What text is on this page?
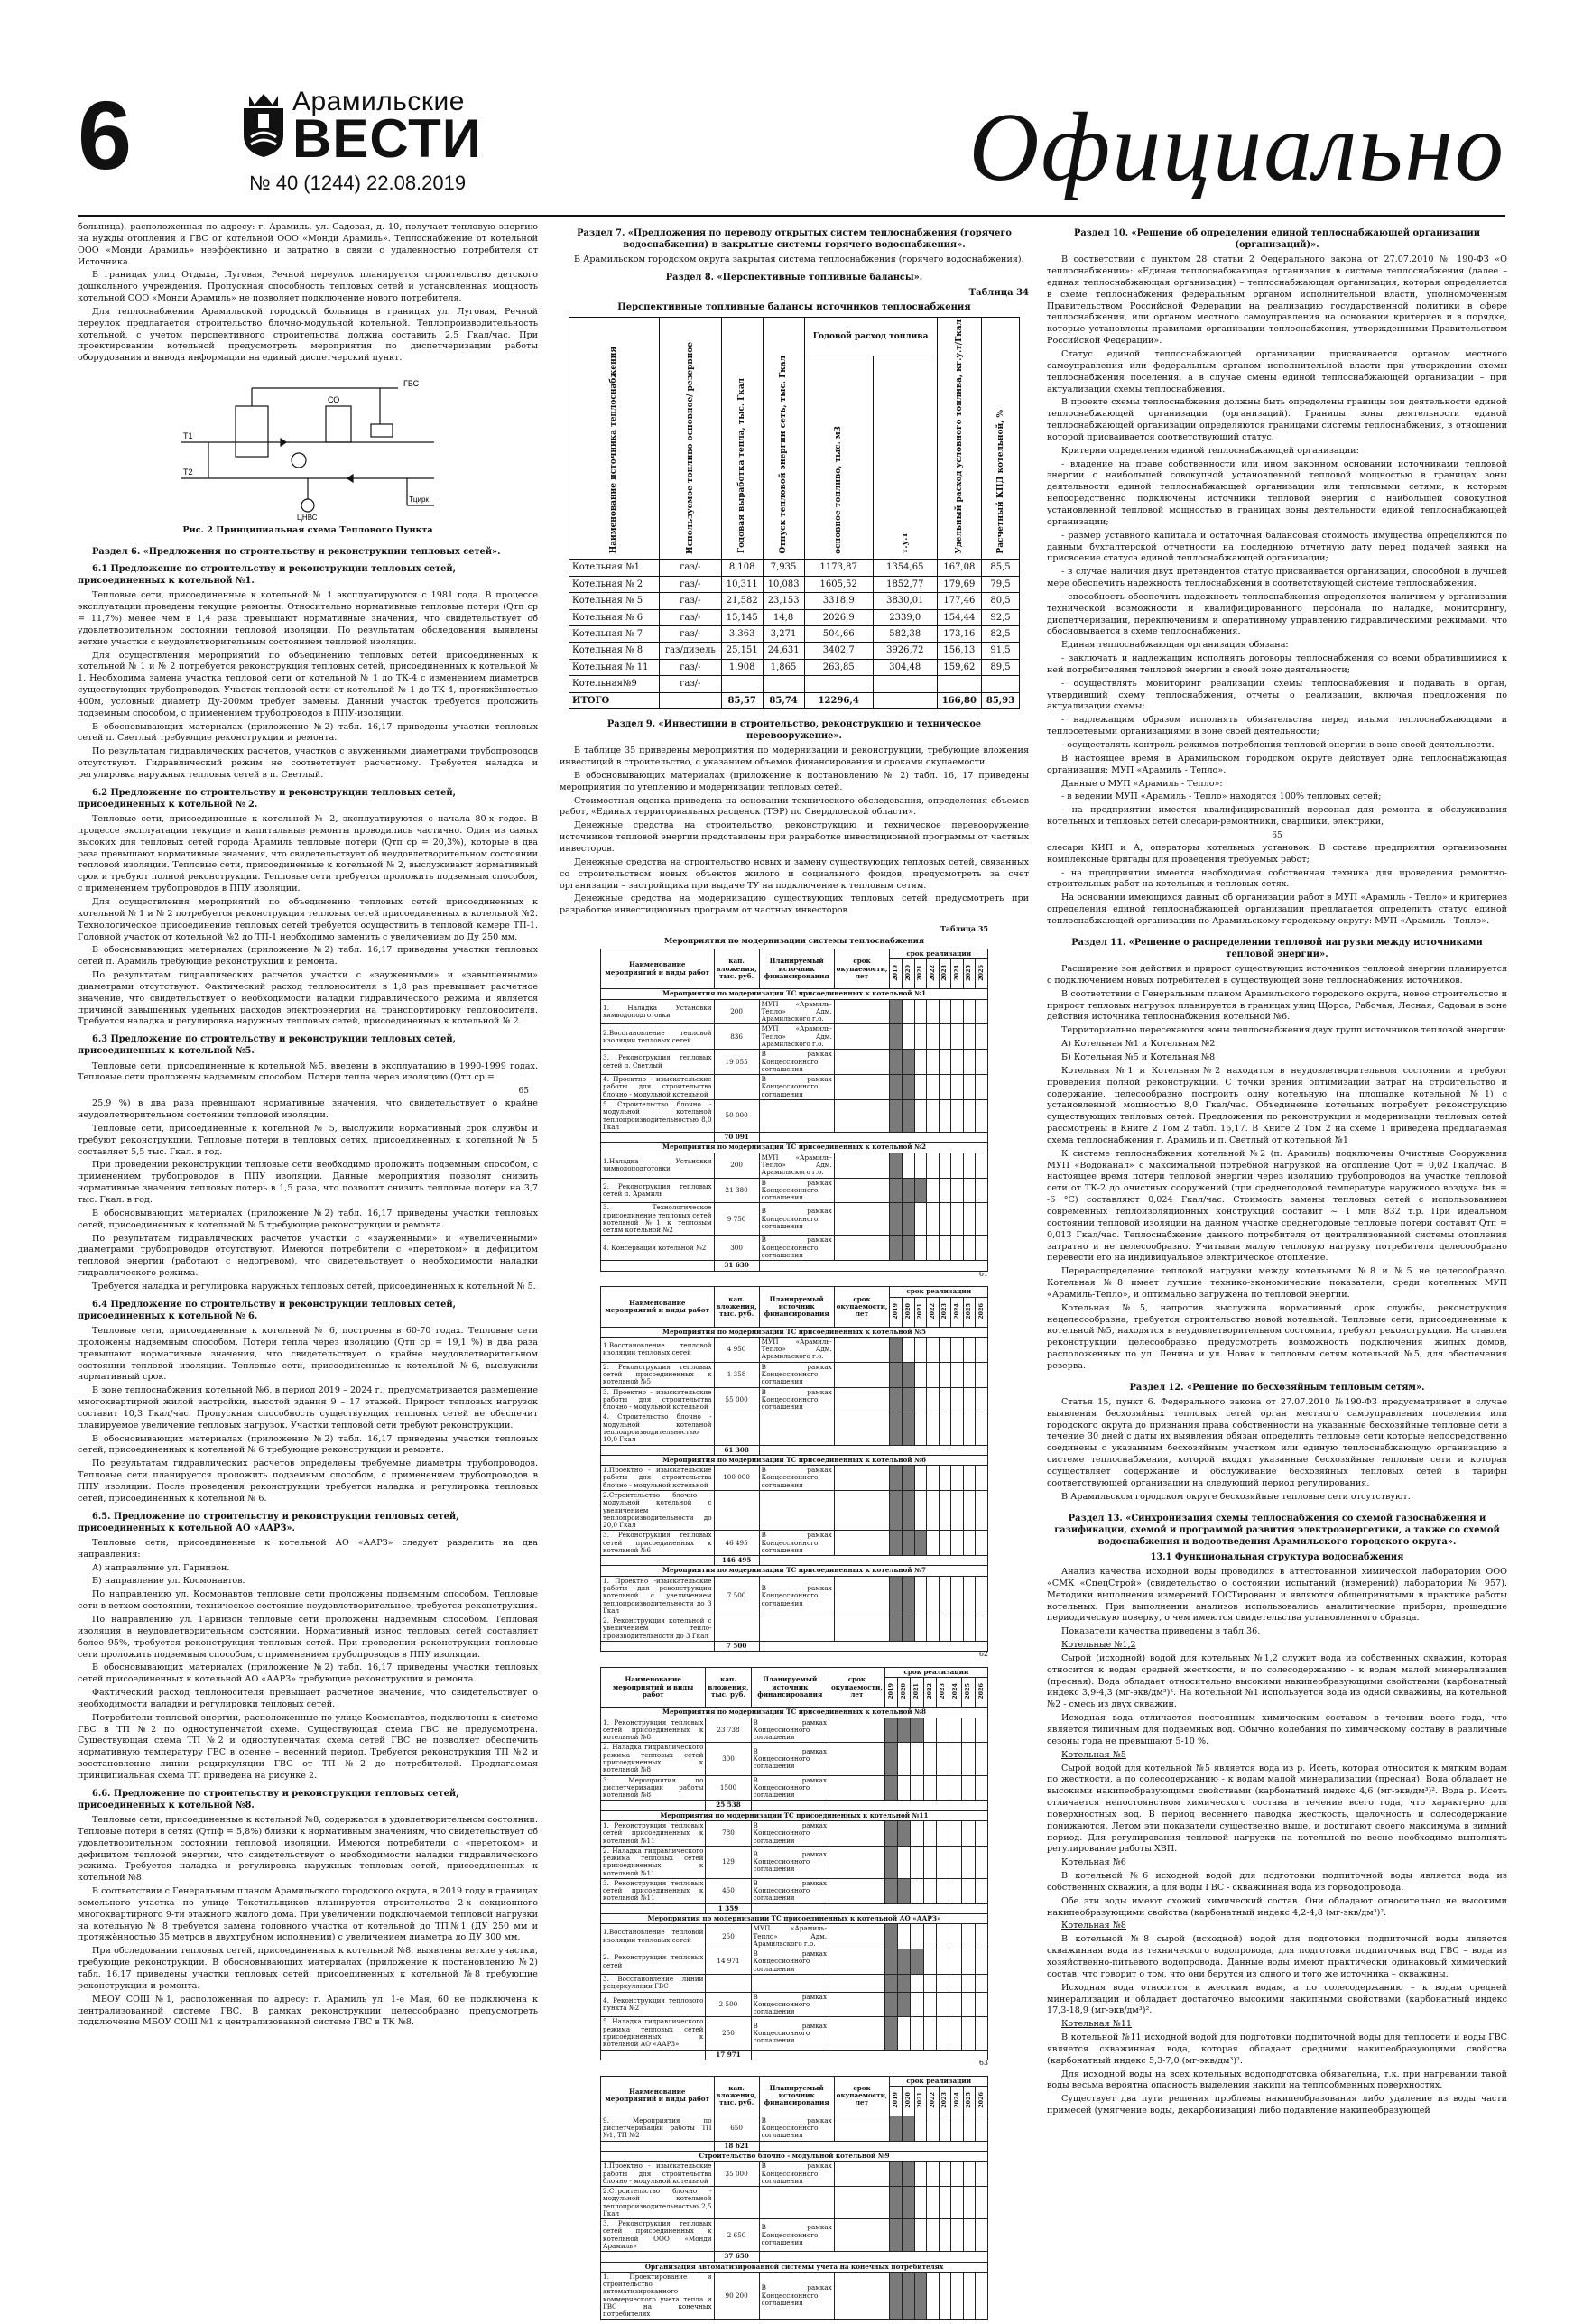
6	Арамильские
ВЕСТИ
№ 40 (1244) 22.08.2019	Официально

больница), расположенная по адресу: г. Арамиль, ул. Садовая, д. 10, получает тепловую энергию на нужды отопления и ГВС от котельной ООО «Монди Арамиль». Теплоснабжение от котельной ООО «Монди Арамиль» неэффективно и затратно в связи с удаленностью потребителя от Источника.

В границах улиц Отдыха, Луговая, Речной переулок планируется строительство детского дошкольного учреждения. Пропускная способность тепловых сетей и установленная мощность котельной ООО «Монди Арамиль» не позволяет подключение нового потребителя.

Для теплоснабжения Арамильской городской больницы в границах ул. Луговая, Речной переулок предлагается строительство блочно-модульной котельной. Теплопроизводительность котельной, с учетом перспективного строительства должна составить 2,5 Гкал/час. При проектировании котельной предусмотреть мероприятия по диспетчеризации работы оборудования и вывода информации на единый диспетчерский пункт.

ГВС
Т1
Т2
СО
Тцирк
ЦНВС
Рис. 2 Принципиальная схема Теплового Пункта
Раздел 6. «Предложения по строительству и реконструкции тепловых сетей».
6.1 Предложение по строительству и реконструкции тепловых сетей, присоединенных к котельной №1.

Тепловые сети, присоединенные к котельной № 1 эксплуатируются с 1981 года. В процессе эксплуатации проведены текущие ремонты. Относительно нормативные тепловые потери (Qтп ср = 11,7%) менее чем в 1,4 раза превышают нормативные значения, что свидетельствует об удовлетворительном состоянии тепловой изоляции. По результатам обследования выявлены ветхие участки с неудовлетворительным состоянием тепловой изоляции.

Для осуществления мероприятий по объединению тепловых сетей присоединенных к котельной № 1 и № 2 потребуется реконструкция тепловых сетей, присоединенных к котельной № 1. Необходима замена участка тепловой сети от котельной № 1 до ТК-4 с изменением диаметров существующих трубопроводов. Участок тепловой сети от котельной № 1 до ТК-4, протяжённостью 400м, условный диаметр Ду-200мм требует замены. Данный участок требуется проложить подземным способом, с применением трубопроводов в ППУ-изоляции.

В обосновывающих материалах (приложение №2) табл. 16,17 приведены участки тепловых сетей п. Светлый требующие реконструкции и ремонта.

По результатам гидравлических расчетов, участков с звуженными диаметрами трубопроводов отсутствуют. Гидравлический режим не соответствует расчетному. Требуется наладка и регулировка наружных тепловых сетей в п. Светлый.

6.2 Предложение по строительству и реконструкции тепловых сетей, присоединенных к котельной № 2.

Тепловые сети, присоединенные к котельной № 2, эксплуатируются с начала 80-х годов. В процессе эксплуатации текущие и капитальные ремонты проводились частично. Один из самых высоких для тепловых сетей города Арамиль тепловые потери (Qтп ср = 20,3%), которые в два раза превышают нормативные значения, что свидетельствует об неудовлетворительном состоянии тепловой изоляции. Тепловые сети, присоединенные к котельной № 2, выслуживают нормативный срок и требуют полной реконструкции. Тепловые сети требуется проложить подземным способом, с применением трубопроводов в ППУ изоляции.

Для осуществления мероприятий по объединению тепловых сетей присоединенных к котельной № 1 и № 2 потребуется реконструкция тепловых сетей присоединенных к котельной №2. Технологическое присоединение тепловых сетей требуется осуществить в тепловой камере ТП-1. Головной участок от котельной №2 до ТП-1 необходимо заменить с увеличением до Ду 250 мм.

В обосновывающих материалах (приложение №2) табл. 16,17 приведены участки тепловых сетей п. Арамиль требующие реконструкции и ремонта.

По результатам гидравлических расчетов участки с «зауженными» и «завышенными» диаметрами отсутствуют. Фактический расход теплоносителя в 1,8 раз превышает расчетное значение, что свидетельствует о необходимости наладки гидравлического режима и является причиной завышенных удельных расходов электроэнергии на транспортировку теплоносителя. Требуется наладка и регулировка наружных тепловых сетей, присоединенных к котельной № 2.

6.3 Предложение по строительству и реконструкции тепловых сетей, присоединенных к котельной №5.

Тепловые сети, присоединенные к котельной №5, введены в эксплуатацию в 1990-1999 годах. Тепловые сети проложены надземным способом. Потери тепла через изоляцию (Qтп ср =

65

25,9 %) в два раза превышают нормативные значения, что свидетельствует о крайне неудовлетворительном состоянии тепловой изоляции.

Тепловые сети, присоединенные к котельной № 5, выслужили нормативный срок службы и требуют реконструкции. Тепловые потери в тепловых сетях, присоединенных к котельной № 5 составляет 5,5 тыс. Гкал. в год.

При проведении реконструкции тепловые сети необходимо проложить подземным способом, с применением трубопроводов в ППУ изоляции. Данные мероприятия позволят снизить нормативные значения тепловых потерь в 1,5 раза, что позволит снизить тепловые потери на 3,7 тыс. Гкал. в год.

В обосновывающих материалах (приложение №2) табл. 16,17 приведены участки тепловых сетей, присоединенных к котельной № 5 требующие реконструкции и ремонта.

По результатам гидравлических расчетов участки с «зауженными» и «увеличенными» диаметрами трубопроводов отсутствуют. Имеются потребители с «перетоком» и дефицитом тепловой энергии (работают с недогревом), что свидетельствует о необходимости наладки гидравлического режима.

Требуется наладка и регулировка наружных тепловых сетей, присоединенных к котельной № 5.

6.4 Предложение по строительству и реконструкции тепловых сетей, присоединенных к котельной № 6.

Тепловые сети, присоединенные к котельной № 6, построены в 60-70 годах. Тепловые сети проложены надземным способом. Потери тепла через изоляцию (Qтп ср = 19,1 %) в два раза превышают нормативные значения, что свидетельствует о крайне неудовлетворительном состоянии тепловой изоляции. Тепловые сети, присоединенные к котельной №6, выслужили нормативный срок.

В зоне теплоснабжения котельной №6, в период 2019 – 2024 г., предусматривается размещение многоквартирной жилой застройки, высотой здания 9 – 17 этажей. Прирост тепловых нагрузок составит 10,3 Гкал/час. Пропускная способность существующих тепловых сетей не обеспечит планируемое увеличение тепловых нагрузок. Участки тепловой сети требуют реконструкции.

В обосновывающих материалах (приложение №2) табл. 16,17 приведены участки тепловых сетей, присоединенных к котельной № 6 требующие реконструкции и ремонта.

По результатам гидравлических расчетов определены требуемые диаметры трубопроводов. Тепловые сети планируется проложить подземным способом, с применением трубопроводов в ППУ изоляции. После проведения реконструкции требуется наладка и регулировка тепловых сетей, присоединенных к котельной № 6.

6.5. Предложение по строительству и реконструкции тепловых сетей, присоединенных к котельной АО «ААРЗ».

Тепловые сети, присоединенные к котельной АО «ААРЗ» следует разделить на два направления:

А) направление ул. Гарнизон.

Б) направление ул. Космонавтов.

По направлению ул. Космонавтов тепловые сети проложены подземным способом. Тепловые сети в ветхом состоянии, техническое состояние неудовлетворительное, требуется реконструкция.

По направлению ул. Гарнизон тепловые сети проложены надземным способом. Тепловая изоляция в неудовлетворительном состоянии. Нормативный износ тепловых сетей составляет более 95%, требуется реконструкция тепловых сетей. При проведении реконструкции тепловые сети проложить подземным способом, с применением трубопроводов в ППУ изоляции.

В обосновывающих материалах (приложение №2) табл. 16,17 приведены участки тепловых сетей присоединенных к котельной АО «ААРЗ» требующие реконструкции и ремонта.

Фактический расход теплоносителя превышает расчетное значение, что свидетельствует о необходимости наладки и регулировки тепловых сетей.

Потребители тепловой энергии, расположенные по улице Космонавтов, подключены к системе ГВС в ТП №2 по одноступенчатой схеме. Существующая схема ГВС не предусмотрена. Существующая схема ТП №2 и одноступенчатая схема сетей ГВС не позволяет обеспечить нормативную температуру ГВС в осенне – весенний период. Требуется реконструкция ТП №2 и восстановление линии рециркуляции ГВС от ТП №2 до потребителей. Предлагаемая принципиальная схема ТП приведена на рисунке 2.

6.6. Предложение по строительству и реконструкции тепловых сетей, присоединенных к котельной №8.

Тепловые сети, присоединенные к котельной №8, содержатся в удовлетворительном состоянии. Тепловые потери в сетях (Qтпф = 5,8%) близки к нормативным значениям, что свидетельствует об удовлетворительном состоянии тепловой изоляции. Имеются потребители с «перетоком» и дефицитом тепловой энергии, что свидетельствует о необходимости наладки гидравлического режима. Требуется наладка и регулировка наружных тепловых сетей, присоединенных к котельной №8.

В соответствии с Генеральным планом Арамильского городского округа, в 2019 году в границах земельного участка по улице Текстильщиков планируется строительство 2-х секционного многоквартирного 9-ти этажного жилого дома. При увеличении подключаемой тепловой нагрузки на котельную № 8 требуется замена головного участка от котельной до ТП№1 (ДУ 250 мм и протяжённостью 35 метров в двухтрубном исполнении) с увеличением диаметра до ДУ 300 мм.

При обследовании тепловых сетей, присоединенных к котельной №8, выявлены ветхие участки, требующие реконструкции. В обосновывающих материалах (приложение к постановлению №2) табл. 16,17 приведены участки тепловых сетей, присоединенных к котельной №8 требующие реконструкции и ремонта.

МБОУ СОШ №1, расположенная по адресу: г. Арамиль ул. 1-е Мая, 60 не подключена к централизованной системе ГВС. В рамках реконструкции целесообразно предусмотреть подключение МБОУ СОШ №1 к централизованной системе ГВС в ТК №8.

Раздел 7. «Предложения по переводу открытых систем теплоснабжения (горячего водоснабжения) в закрытые системы горячего водоснабжения».

В Арамильском городском округа закрытая система теплоснабжения (горячего водоснабжения).

Раздел 8. «Перспективные топливные балансы».
Таблица 34
Перспективные топливные балансы источников теплоснабжения
Наименование источника теплоснабжения	Используемое топливо основное/ резервное	Годовая выработка тепла, тыс. Гкал	Отпуск тепловой энергии сеть, тыс. Гкал	Годовой расход топлива		Удельный расход условного топлива, кг.у.т/Гкал	Расчетный КПД котельной, %
				основное топливо, тыс. м3	т.у.т		
Котельная №1	газ/-	8,108	7,935	1173,87	1354,65	167,08	85,5
Котельная № 2	газ/-	10,311	10,083	1605,52	1852,77	179,69	79,5
Котельная № 5	газ/-	21,582	23,153	3318,9	3830,01	177,46	80,5
Котельная № 6	газ/-	15,145	14,8	2026,9	2339,0	154,44	92,5
Котельная № 7	газ/-	3,363	3,271	504,66	582,38	173,16	82,5
Котельная № 8	газ/дизель	25,151	24,631	3402,7	3926,72	156,13	91,5
Котельная № 11	газ/-	1,908	1,865	263,85	304,48	159,62	89,5
Котельная№9	газ/-						
ИТОГО		85,57	85,74	12296,4		166,80	85,93
Раздел 9. «Инвестиции в строительство, реконструкцию и техническое перевооружение».

В таблице 35 приведены мероприятия по модернизации и реконструкции, требующие вложения инвестиций в строительство, с указанием объемов финансирования и сроками окупаемости.

В обосновывающих материалах (приложение к постановлению № 2) табл. 16, 17 приведены мероприятия по утеплению и модернизации тепловых сетей.

Стоимостная оценка приведена на основании технического обследования, определения объемов работ, «Единых территориальных расценок (ТЭР) по Свердловской области».

Денежные средства на строительство, реконструкцию и техническое перевооружение источников тепловой энергии представлены при разработке инвестиционной программы от частных инвесторов.

Денежные средства на строительство новых и замену существующих тепловых сетей, связанных со строительством новых объектов жилого и социального фондов, предусмотреть за счет организации – застройщика при выдаче ТУ на подключение к тепловым сетям.

Денежные средства на модернизацию существующих тепловых сетей предусмотреть при разработке инвестиционных программ от частных инвесторов

Таблица 35
Мероприятия по модернизации системы теплоснабжения
Наименование мероприятий и виды работ	кап. вложения, тыс. руб.	Планируемый источник финансирования	срок окупаемости, лет	срок реализации							
				2019	2020	2021	2022	2023	2024	2025	2026
Мероприятия по модернизации ТС присоединенных к котельной №1											
1. Наладка Установки химводоподготовки	200	МУП «Арамиль-Тепло» Адм. Арамильского г.о.									
2.Восстановление тепловой изоляции тепловых сетей	836	МУП «Арамиль-Тепло» Адм. Арамильского г.о.									
3. Реконструкция тепловых сетей п. Светлый	19 055	В рамках Концессионного соглашения									
4. Проектно - изыскательские работы для строительства блочно - модульной котельной		В рамках Концессионного соглашения									
5. Строительство блочно - модульной котельной теплопроизводительностью 8,0 Гкал	50 000										
	70 091										
Мероприятия по модернизации ТС присоединенных к котельной №2											
1.Наладка Установки химводоподготовки	200	МУП «Арамиль-Тепло» Адм. Арамильского г.о.									
2. Реконструкция тепловых сетей п. Арамиль	21 380	В рамках Концессионного соглашения									
3. Технологическое присоединение тепловых сетей котельной №1 к тепловым сетям котельной №2	9 750	В рамках Концессионного соглашения									
4. Консервация котельной №2	300	В рамках Концессионного соглашения									
	31 630										
61
Наименование мероприятий и виды работ	кап. вложения, тыс. руб.	Планируемый источник финансирования	срок окупаемости, лет	срок реализации							
				2019	2020	2021	2022	2023	2024	2025	2026
Мероприятия по модернизации ТС присоединенных к котельной №5											
1.Восстановление тепловой изоляции тепловых сетей	4 950	МУП «Арамиль-Тепло» Адм. Арамильского г.о.									
2. Реконструкция тепловых сетей присоединенных к котельной №5	1 358	В рамках Концессионного соглашения									
3. Проектно - изыскательские работы для строительства блочно - модульной котельной	55 000	В рамках Концессионного соглашения									
4. Строительство блочно - модульной котельной теплопроизводительностью 10,0 Гкал											
	61 308										
Мероприятия по модернизации ТС присоединенных к котельной №6											
1.Проектно - изыскательские работы для строительства блочно - модульной котельной	100 000	В рамках Концессионного соглашения									
2.Строительство блочно - модульной котельной с увеличением теплопроизводительности до 20,0 Гкал											
3. Реконструкция тепловых сетей присоединенных к котельной №6	46 495	В рамках Концессионного соглашения									
	146 495										
Мероприятия по модернизации ТС присоединенных к котельной №7											
1. Проектно -изыскательские работы для реконструкции котельной с увеличением теплопроизводительности до 3 Гкал	7 500	В рамках Концессионного соглашения									
2. Реконструкция котельной с увеличением тепло-производительности до 3 Гкал											
	7 500										
62
Наименование мероприятий и виды работ	кап. вложения, тыс. руб.	Планируемый источник финансирования	срок окупаемости, лет	срок реализации							
				2019	2020	2021	2022	2023	2024	2025	2026
Мероприятия по модернизации ТС присоединенных к котельной №8											
1. Реконструкция тепловых сетей присоединенных к котельной №8	23 738	В рамках Концессионного соглашения									
2. Наладка гидравлического режима тепловых сетей присоединенных к котельной №8	300	В рамках Концессионного соглашения									
3. Мероприятия по диспетчеризации работы котельной №8	1500	В рамках Концессионного соглашения									
	25 538										
Мероприятия по модернизации ТС присоединенных к котельной №11											
1. Реконструкция тепловых сетей присоединенных к котельной №11	780	В рамках Концессионного соглашения									
2. Наладка гидравлического режима тепловых сетей присоединенных к котельной №11	129	В рамках Концессионного соглашения									
3. Реконструкция тепловых сетей присоединенных к котельной №11	450	В рамках Концессионного соглашения									
	1 359										
Мероприятия по модернизации ТС присоединенных к котельной АО «ААРЗ»											
1.Восстановление тепловой изоляции тепловых сетей	250	МУП «Арамиль-Тепло» Адм. Арамильского г.о.									
2. Реконструкция тепловых сетей	14 971	В рамках Концессионного соглашения									
3. Восстановление линии рециркуляции ГВС											
4. Реконструкция теплового пункта №2	2 500	В рамках Концессионного соглашения									
5. Наладка гидравлического режима тепловых сетей присоединенных к котельной АО «ААРЗ»	250	В рамках Концессионного соглашения									
	17 971										
63
Наименование мероприятий и виды работ	кап. вложения, тыс. руб.	Планируемый источник финансирования	срок окупаемости, лет	срок реализации							
				2019	2020	2021	2022	2023	2024	2025	2026
9. Мероприятия по диспетчеризации работы ТП №1, ТП №2	650	В рамках Концессионного соглашения									
	18 621										
Строительство блочно - модульной котельной №9											
1.Проектно - изыскательские работы для строительства блочно - модульной котельной	35 000	В рамках Концессионного соглашения									
2.Строительство блочно - модульной котельной теплопроизводительностью 2,5 Гкал											
3. Реконструкция тепловых сетей присоединенных к котельной ООО «Монди Арамиль»	2 650	В рамках Концессионного соглашения									
	37 650										
Организация автоматизированной системы учета на конечных потребителях											
1. Проектирование и строительство автоматизированного коммерческого учета тепла и ГВС на конечных потребителях	90 200	В рамках Концессионного соглашения									
Раздел 10. «Решение об определении единой теплоснабжающей организации (организаций)».

В соответствии с пунктом 28 статьи 2 Федерального закона от 27.07.2010 № 190-ФЗ «О теплоснабжении»: «Единая теплоснабжающая организация в системе теплоснабжения (далее – единая теплоснабжающая организация) – теплоснабжающая организация, которая определяется в схеме теплоснабжения федеральным органом исполнительной власти, уполномоченным Правительством Российской Федерации на реализацию государственной политики в сфере теплоснабжения, или органом местного самоуправления на основании критериев и в порядке, которые установлены правилами организации теплоснабжения, утвержденными Правительством Российской Федерации».

Статус единой теплоснабжающей организации присваивается органом местного самоуправления или федеральным органом исполнительной власти при утверждении схемы теплоснабжения поселения, а в случае смены единой теплоснабжающей организации – при актуализации схемы теплоснабжения.

В проекте схемы теплоснабжения должны быть определены границы зон деятельности единой теплоснабжающей организации (организаций). Границы зоны деятельности единой теплоснабжающей организации определяются границами системы теплоснабжения, в отношении которой присваивается соответствующий статус.

Критерии определения единой теплоснабжающей организации:

- владение на праве собственности или ином законном основании источниками тепловой энергии с наибольшей совокупной установленной тепловой мощностью в границах зоны деятельности единой теплоснабжающей организации или тепловыми сетями, к которым непосредственно подключены источники тепловой энергии с наибольшей совокупной установленной тепловой мощностью в границах зоны деятельности единой теплоснабжающей организации;

- размер уставного капитала и остаточная балансовая стоимость имущества определяются по данным бухгалтерской отчетности на последнюю отчетную дату перед подачей заявки на присвоение статуса единой теплоснабжающей организации;

- в случае наличия двух претендентов статус присваивается организации, способной в лучшей мере обеспечить надежность теплоснабжения в соответствующей системе теплоснабжения.

- способность обеспечить надежность теплоснабжения определяется наличием у организации технической возможности и квалифицированного персонала по наладке, мониторингу, диспетчеризации, переключениям и оперативному управлению гидравлическими режимами, что обосновывается в схеме теплоснабжения.

Единая теплоснабжающая организация обязана:

- заключать и надлежащим исполнять договоры теплоснабжения со всеми обратившимися к ней потребителями тепловой энергии в своей зоне деятельности;

- осуществлять мониторинг реализации схемы теплоснабжения и подавать в орган, утвердивший схему теплоснабжения, отчеты о реализации, включая предложения по актуализации схемы;

- надлежащим образом исполнять обязательства перед иными теплоснабжающими и теплосетевыми организациями в зоне своей деятельности;

- осуществлять контроль режимов потребления тепловой энергии в зоне своей деятельности.

В настоящее время в Арамильском городском округе действует одна теплоснабжающая организация: МУП «Арамиль - Тепло».

Данные о МУП «Арамиль - Тепло»:

- в ведении МУП «Арамиль - Тепло» находятся 100% тепловых сетей;

- на предприятии имеется квалифицированный персонал для ремонта и обслуживания котельных и тепловых сетей слесари-ремонтники, сварщики, электрики,

65

слесари КИП и А, операторы котельных установок. В составе предприятия организованы комплексные бригады для проведения требуемых работ;

- на предприятии имеется необходимая собственная техника для проведения ремонтно-строительных работ на котельных и тепловых сетях.

На основании имеющихся данных об организации работ в МУП «Арамиль - Тепло» и критериев определения единой теплоснабжающей организации предлагается определить статус единой теплоснабжающей организации по Арамильскому городскому округу: МУП «Арамиль - Тепло».

Раздел 11. «Решение о распределении тепловой нагрузки между источниками тепловой энергии».

Расширение зон действия и прирост существующих источников тепловой энергии планируется с подключением новых потребителей в существующей зоне теплоснабжения источников.

В соответствии с Генеральным планом Арамильского городского округа, новое строительство и прирост тепловых нагрузок планируется в границах улиц Щорса, Рабочая, Лесная, Садовая в зоне действия источника теплоснабжения котельной №6.

Территориально пересекаются зоны теплоснабжения двух групп источников тепловой энергии:

А) Котельная №1 и Котельная №2

Б) Котельная №5 и Котельная №8

Котельная №1 и Котельная№2 находятся в неудовлетворительном состоянии и требуют проведения полной реконструкции. С точки зрения оптимизации затрат на строительство и содержание, целесообразно построить одну котельную (на площадке котельной №1) с установленной мощностью 8,0 Гкал/час. Объединение котельных потребует реконструкцию существующих тепловых сетей. Предложения по реконструкции и модернизации тепловых сетей рассмотрены в Книге 2 Том 2 табл. 16,17. В Книге 2 Том 2 на схеме 1 приведена предлагаемая схема теплоснабжения г. Арамиль и п. Светлый от котельной №1

К системе теплоснабжения котельной №2 (п. Арамиль) подключены Очистные Сооружения МУП «Водоканал» с максимальной потребной нагрузкой на отопление Qот = 0,02 Гкал/час. В настоящее время потери тепловой энергии через изоляцию трубопроводов на участке тепловой сети от ТК-2 до очистных сооружений (при среднегодовой температуре наружного воздуха tнв = -6 °С) составляют 0,024 Гкал/час. Стоимость замены тепловых сетей с использованием современных теплоизоляционных конструкций составит ~ 1 млн 832 т.р. При идеальном состоянии тепловой изоляции на данном участке среднегодовые тепловые потери составят Qтп = 0,013 Гкал/час. Теплоснабжение данного потребителя от централизованной системы отопления затратно и не целесообразно. Учитывая малую тепловую нагрузку потребителя целесообразно перевести его на индивидуальное электрическое отопление.

Перераспределение тепловой нагрузки между котельными №8 и №5 не целесообразно. Котельная №8 имеет лучшие технико-экономические показатели, среди котельных МУП «Арамиль-Тепло», и оптимально загружена по тепловой энергии.

Котельная №5, напротив выслужила нормативный срок службы, реконструкция нецелесообразна, требуется строительство новой котельной. Тепловые сети, присоединенные к котельной №5, находятся в неудовлетворительном состоянии, требуют реконструкции. На ставлен реконструкции целесообразно предусмотреть возможность подключения жилых домов, расположенных по ул. Ленина и ул. Новая к тепловым сетям котельной №5, для обеспечения резерва.

Раздел 12. «Решение по бесхозяйным тепловым сетям».

Статья 15, пункт 6. Федерального закона от 27.07.2010 №190-ФЗ предусматривает в случае выявления бесхозяйных тепловых сетей орган местного самоуправления поселения или городского округа до признания права собственности на указанные бесхозяйные тепловые сети в течение 30 дней с даты их выявления обязан определить тепловые сети которые непосредственно соединены с указанным бесхозяйным участком или единую теплоснабжающую организацию в системе теплоснабжения, которой входят указанные бесхозяйные тепловые сети и которая осуществляет содержание и обслуживание бесхозяйных тепловых сетей в тарифы соответствующей организации на следующий период регулирования.

В Арамильском городском округе бесхозяйные тепловые сети отсутствуют.

Раздел 13. «Синхронизация схемы теплоснабжения со схемой газоснабжения и газификации, схемой и программой развития электроэнергетики, а также со схемой водоснабжения и водоотведения Арамильского городского округа».
13.1 Функциональная структура водоснабжения

Анализ качества исходной воды проводился в аттестованной химической лаборатории ООО «СМК «СпецСтрой» (свидетельство о состоянии испытаний (измерений) лаборатории № 957). Методики выполнения измерений ГОСТированы и являются общепринятыми в практике работы котельных. При выполнении анализов использовались аналитические приборы, прошедшие периодическую поверку, о чем имеются свидетельства установленного образца.

Показатели качества приведены в табл.36.

Котельные №1,2

Сырой (исходной) водой для котельных №1,2 служит вода из собственных скважин, которая относится к водам средней жесткости, и по солесодержанию - к водам малой минерализации (пресная). Вода обладает относительно высокими накипеобразующими свойствами (карбонатный индекс 3,9-4,3 (мг-экв/дм³)². На котельной №1 используется вода из одной скважины, на котельной №2 - смесь из двух скважин.

Исходная вода отличается постоянным химическим составом в течении всего года, что является типичным для подземных вод. Обычно колебания по химическому составу в различные сезоны года не превышают 5-10 %.

Котельная №5

Сырой водой для котельной №5 является вода из р. Исеть, которая относится к мягким водам по жесткости, а по солесодержанию - к водам малой минерализации (пресная). Вода обладает не высокими накипеобразующими свойствами (карбонатный индекс 4,6 (мг-экв/дм³)². Вода р. Исеть отличается непостоянством химического состава в течение всего года, что характерно для поверхностных вод. В период весеннего паводка жесткость, щелочность и солесодержание понижаются. Летом эти показатели существенно выше, и достигают своего максимума в зимний период. Для регулирования тепловой нагрузки на котельной по весне необходимо выполнять регулирование работы ХВП.

Котельная №6

В котельной №6 исходной водой для подготовки подпиточной воды является вода из собственных скважин, а для воды ГВС - скважинная вода из горводопровода.

Обе эти воды имеют схожий химический состав. Они обладают относительно не высокими накипеобразующими свойства (карбонатный индекс 4,2-4,8 (мг-экв/дм³)².

Котельная №8

В котельной №8 сырой (исходной) водой для подготовки подпиточной воды является скважинная вода из технического водопровода, для подготовки подпиточных вод ГВС – вода из хозяйственно-питьевого водопровода. Данные воды имеют практически одинаковый химический состав, что говорит о том, что они берутся из одного и того же источника – скважины.

Исходная вода относится к жестким водам, а по солесодержанию – к водам средней минерализации и обладает достаточно высокими накипными свойствами (карбонатный индекс 17,3-18,9 (мг-экв/дм³)².

Котельная №11

В котельной №11 исходной водой для подготовки подпиточной воды для теплосети и воды ГВС является скважинная вода, которая обладает средними накипеобразующими свойства (карбонатный индекс 5,3-7,0 (мг-экв/дм³)².

Для исходной воды на всех котельных водоподготовка обязательна, т.к. при нагревании такой воды весьма вероятна опасность выделения накипи на теплообменных поверхностях.

Существует два пути решения проблемы накипеобразования либо удаление из воды части примесей (умягчение воды, декарбонизация) либо подавление накипеобразующей
